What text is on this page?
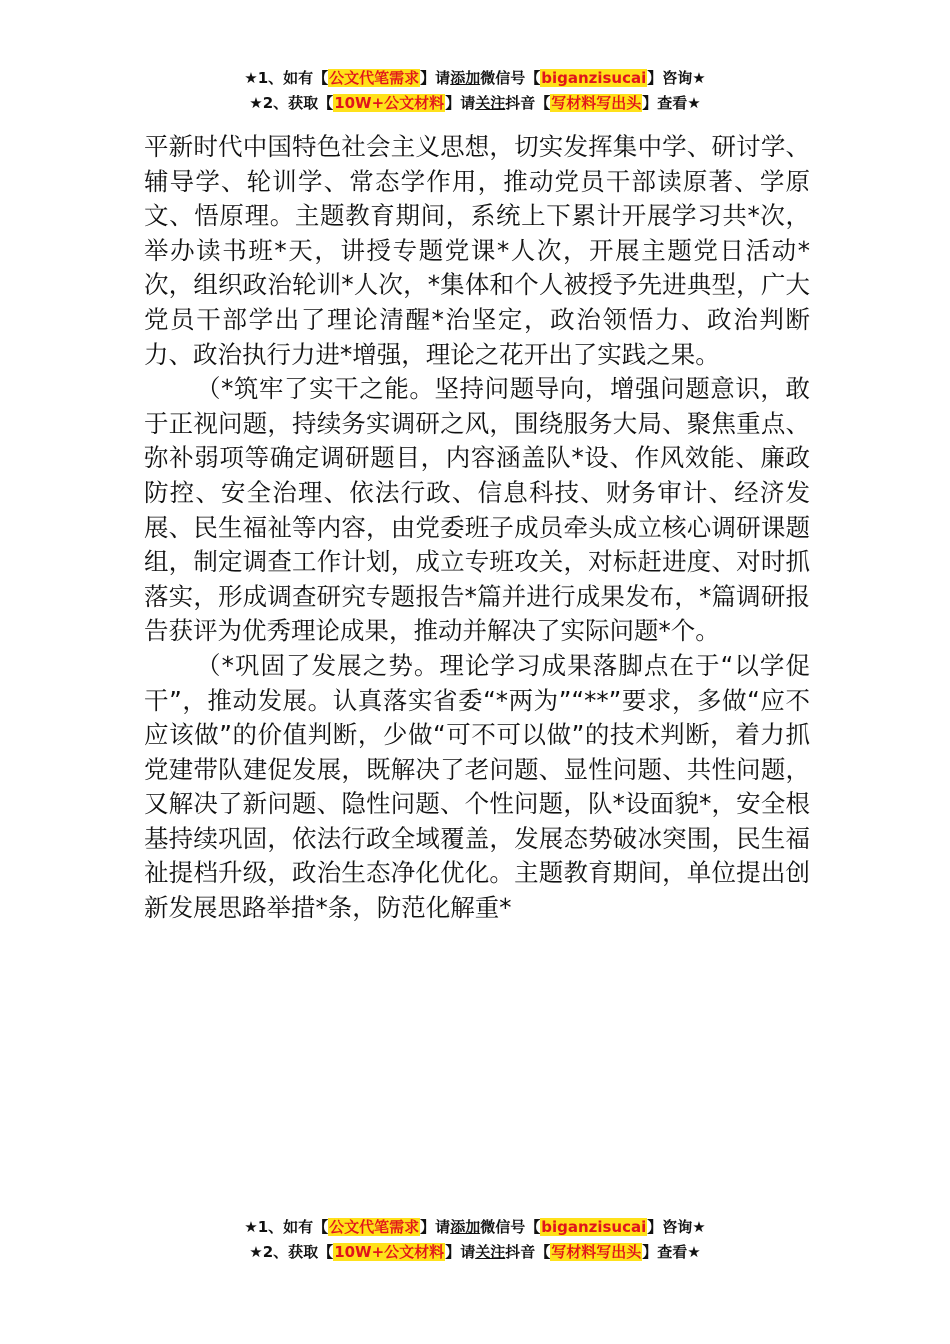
★1、如有【公文代笔需求】请添加微信号【biganzisucai】咨询★
★2、获取【10W+公文材料】请关注抖音【写材料写出头】查看★

平新时代中国特色社会主义思想，切实发挥集中学、研讨学、辅导学、轮训学、常态学作用，推动党员干部读原著、学原文、悟原理。主题教育期间，系统上下累计开展学习共*次，举办读书班*天，讲授专题党课*人次，开展主题党日活动*次，组织政治轮训*人次，*集体和个人被授予先进典型，广大党员干部学出了理论清醒*治坚定，政治领悟力、政治判断力、政治执行力进*增强，理论之花开出了实践之果。

（*筑牢了实干之能。坚持问题导向，增强问题意识，敢于正视问题，持续务实调研之风，围绕服务大局、聚焦重点、弥补弱项等确定调研题目，内容涵盖队*设、作风效能、廉政防控、安全治理、依法行政、信息科技、财务审计、经济发展、民生福祉等内容，由党委班子成员牵头成立核心调研课题组，制定调查工作计划，成立专班攻关，对标赶进度、对时抓落实，形成调查研究专题报告*篇并进行成果发布，*篇调研报告获评为优秀理论成果，推动并解决了实际问题*个。

（*巩固了发展之势。理论学习成果落脚点在于“以学促干”，推动发展。认真落实省委“*两为”“**”要求，多做“应不应该做”的价值判断，少做“可不可以做”的技术判断，着力抓党建带队建促发展，既解决了老问题、显性问题、共性问题，又解决了新问题、隐性问题、个性问题，队*设面貌*，安全根基持续巩固，依法行政全域覆盖，发展态势破冰突围，民生福祉提档升级，政治生态净化优化。主题教育期间，单位提出创新发展思路举措*条，防范化解重*

★1、如有【公文代笔需求】请添加微信号【biganzisucai】咨询★
★2、获取【10W+公文材料】请关注抖音【写材料写出头】查看★
